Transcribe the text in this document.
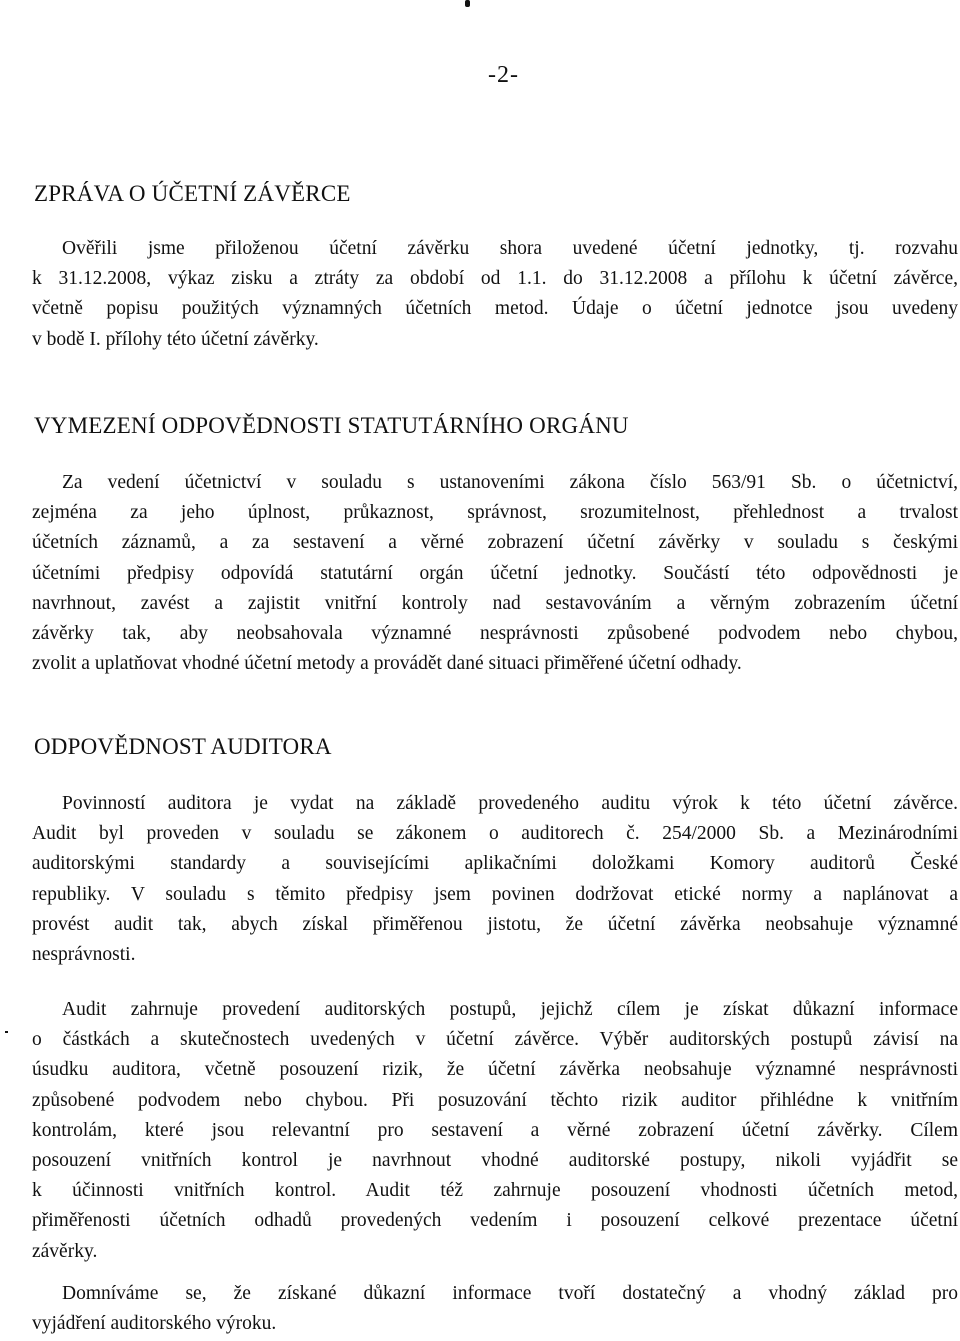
-2-
ZPRÁVA O ÚČETNÍ ZÁVĚRCE
Ověřili jsme přiloženou účetní závěrku shora uvedené účetní jednotky, tj. rozvahu
k 31.12.2008, výkaz zisku a ztráty za období od 1.1. do 31.12.2008 a přílohu k účetní závěrce,
včetně popisu použitých významných účetních metod. Údaje o účetní jednotce jsou uvedeny
v bodě I. přílohy této účetní závěrky.
VYMEZENÍ ODPOVĚDNOSTI STATUTÁRNÍHO ORGÁNU
Za vedení účetnictví v souladu s ustanoveními zákona číslo 563/91 Sb. o účetnictví,
zejména za jeho úplnost, průkaznost, správnost, srozumitelnost, přehlednost a trvalost
účetních záznamů, a za sestavení a věrné zobrazení účetní závěrky v souladu s českými
účetními předpisy odpovídá statutární orgán účetní jednotky. Součástí této odpovědnosti je
navrhnout, zavést a zajistit vnitřní kontroly nad sestavováním a věrným zobrazením účetní
závěrky tak, aby neobsahovala významné nesprávnosti způsobené podvodem nebo chybou,
zvolit a uplatňovat vhodné účetní metody a provádět dané situaci přiměřené účetní odhady.
ODPOVĚDNOST AUDITORA
Povinností auditora je vydat na základě provedeného auditu výrok k této účetní závěrce.
Audit byl proveden v souladu se zákonem o auditorech č. 254/2000 Sb. a Mezinárodními
auditorskými standardy a souvisejícími aplikačními doložkami Komory auditorů České
republiky. V souladu s těmito předpisy jsem povinen dodržovat etické normy a naplánovat a
provést audit tak, abych získal přiměřenou jistotu, že účetní závěrka neobsahuje významné
nesprávnosti.
Audit zahrnuje provedení auditorských postupů, jejichž cílem je získat důkazní informace
o částkách a skutečnostech uvedených v účetní závěrce. Výběr auditorských postupů závisí na
úsudku auditora, včetně posouzení rizik, že účetní závěrka neobsahuje významné nesprávnosti
způsobené podvodem nebo chybou. Při posuzování těchto rizik auditor přihlédne k vnitřním
kontrolám, které jsou relevantní pro sestavení a věrné zobrazení účetní závěrky. Cílem
posouzení vnitřních kontrol je navrhnout vhodné auditorské postupy, nikoli vyjádřit se
k účinnosti vnitřních kontrol. Audit též zahrnuje posouzení vhodnosti účetních metod,
přiměřenosti účetních odhadů provedených vedením i posouzení celkové prezentace účetní
závěrky.
Domníváme se, že získané důkazní informace tvoří dostatečný a vhodný základ pro
vyjádření auditorského výroku.
